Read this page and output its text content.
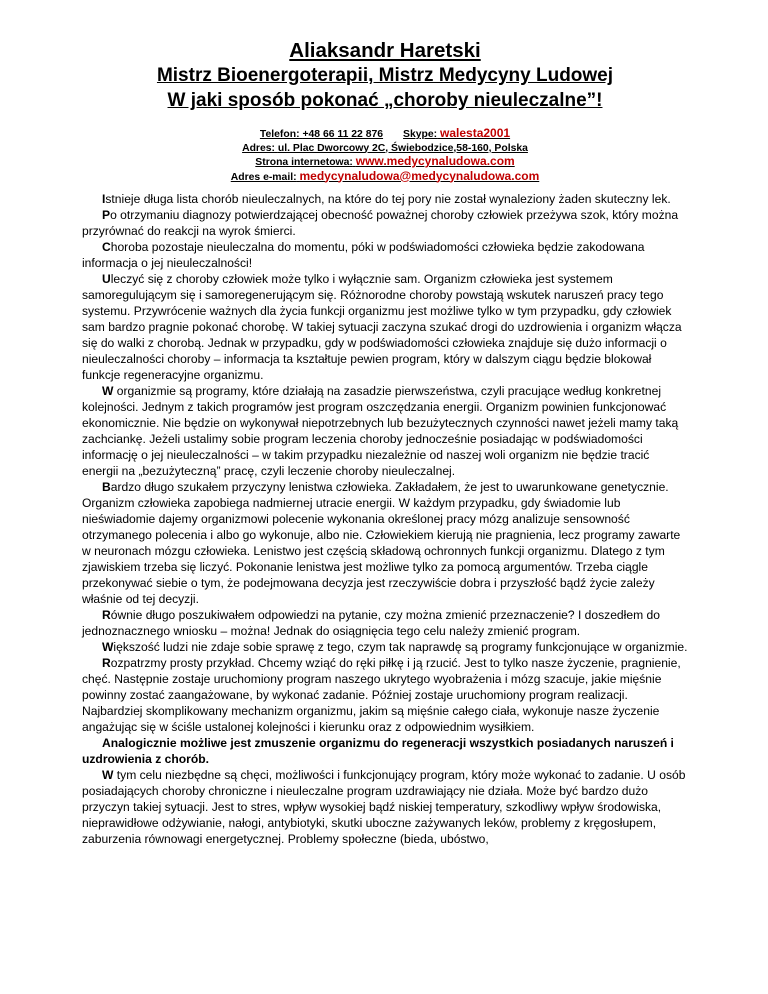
Aliaksandr Haretski
Mistrz Bioenergoterapii, Mistrz Medycyny Ludowej
W jaki sposób pokonać „choroby nieuleczalne”!
Telefon: +48 66 11 22 876 Skype: walesta2001
Adres: ul. Plac Dworcowy 2C, Świebodzice,58-160, Polska
Strona internetowa: www.medycynaludowa.com
Adres e-mail: medycynaludowa@medycynaludowa.com

Istnieje długa lista chorób nieuleczalnych, na które do tej pory nie został wynaleziony żaden skuteczny lek.

Po otrzymaniu diagnozy potwierdzającej obecność poważnej choroby człowiek przeżywa szok, który można przyrównać do reakcji na wyrok śmierci.

Choroba pozostaje nieuleczalna do momentu, póki w podświadomości człowieka będzie zakodowana informacja o jej nieuleczalności!

Uleczyć się z choroby człowiek może tylko i wyłącznie sam. Organizm człowieka jest systemem samoregulującym się i samoregenerującym się. Różnorodne choroby powstają wskutek naruszeń pracy tego systemu. Przywrócenie ważnych dla życia funkcji organizmu jest możliwe tylko w tym przypadku, gdy człowiek sam bardzo pragnie pokonać chorobę. W takiej sytuacji zaczyna szukać drogi do uzdrowienia i organizm włącza się do walki z chorobą. Jednak w przypadku, gdy w podświadomości człowieka znajduje się dużo informacji o nieuleczalności choroby – informacja ta kształtuje pewien program, który w dalszym ciągu będzie blokował funkcje regeneracyjne organizmu.

W organizmie są programy, które działają na zasadzie pierwszeństwa, czyli pracujące według konkretnej kolejności. Jednym z takich programów jest program oszczędzania energii. Organizm powinien funkcjonować ekonomicznie. Nie będzie on wykonywał niepotrzebnych lub bezużytecznych czynności nawet jeżeli mamy taką zachciankę. Jeżeli ustalimy sobie program leczenia choroby jednocześnie posiadając w podświadomości informację o jej nieuleczalności – w takim przypadku niezależnie od naszej woli organizm nie będzie tracić energii na „bezużyteczną” pracę, czyli leczenie choroby nieuleczalnej.

Bardzo długo szukałem przyczyny lenistwa człowieka. Zakładałem, że jest to uwarunkowane genetycznie. Organizm człowieka zapobiega nadmiernej utracie energii. W każdym przypadku, gdy świadomie lub nieświadomie dajemy organizmowi polecenie wykonania określonej pracy mózg analizuje sensowność otrzymanego polecenia i albo go wykonuje, albo nie. Człowiekiem kierują nie pragnienia, lecz programy zawarte w neuronach mózgu człowieka. Lenistwo jest częścią składową ochronnych funkcji organizmu. Dlatego z tym zjawiskiem trzeba się liczyć. Pokonanie lenistwa jest możliwe tylko za pomocą argumentów. Trzeba ciągle przekonywać siebie o tym, że podejmowana decyzja jest rzeczywiście dobra i przyszłość bądź życie zależy właśnie od tej decyzji.

Równie długo poszukiwałem odpowiedzi na pytanie, czy można zmienić przeznaczenie? I doszedłem do jednoznacznego wniosku – można! Jednak do osiągnięcia tego celu należy zmienić program.

Większość ludzi nie zdaje sobie sprawę z tego, czym tak naprawdę są programy funkcjonujące w organizmie.

Rozpatrzmy prosty przykład. Chcemy wziąć do ręki piłkę i ją rzucić. Jest to tylko nasze życzenie, pragnienie, chęć. Następnie zostaje uruchomiony program naszego ukrytego wyobrażenia i mózg szacuje, jakie mięśnie powinny zostać zaangażowane, by wykonać zadanie. Później zostaje uruchomiony program realizacji. Najbardziej skomplikowany mechanizm organizmu, jakim są mięśnie całego ciała, wykonuje nasze życzenie angażując się w ściśle ustalonej kolejności i kierunku oraz z odpowiednim wysiłkiem.

Analogicznie możliwe jest zmuszenie organizmu do regeneracji wszystkich posiadanych naruszeń i uzdrowienia z chorób.

W tym celu niezbędne są chęci, możliwości i funkcjonujący program, który może wykonać to zadanie. U osób posiadających choroby chroniczne i nieuleczalne program uzdrawiający nie działa. Może być bardzo dużo przyczyn takiej sytuacji. Jest to stres, wpływ wysokiej bądź niskiej temperatury, szkodliwy wpływ środowiska, nieprawidłowe odżywianie, nałogi, antybiotyki, skutki uboczne zażywanych leków, problemy z kręgosłupem, zaburzenia równowagi energetycznej. Problemy społeczne (bieda, ubóstwo,
